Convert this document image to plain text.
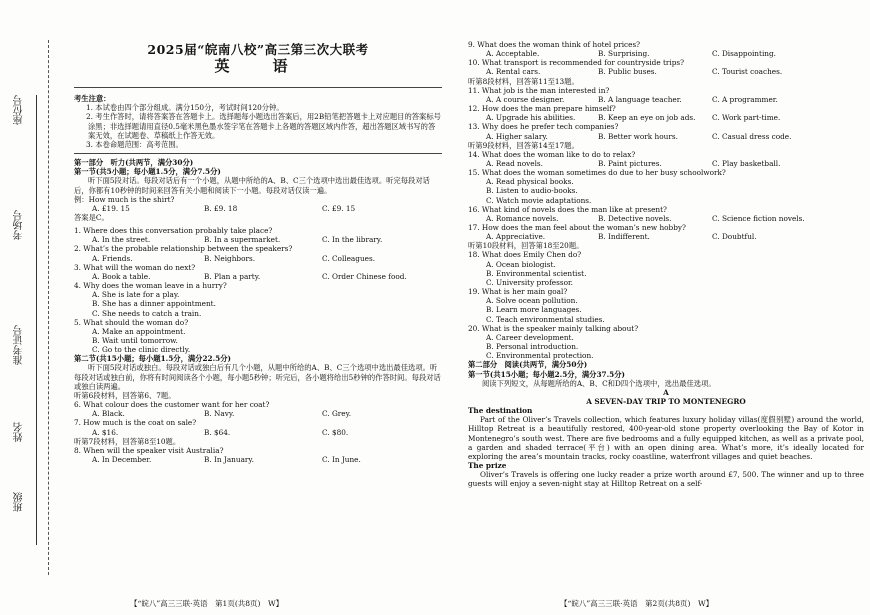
座位号
考场号
准考证号
姓名
班级
2025届“皖南八校”高三第三次大联考
英　语
考生注意：
1. 本试卷由四个部分组成。满分150分，考试时间120分钟。
2. 考生作答时，请将答案答在答题卡上。选择题每小题选出答案后，用2B铅笔把答题卡上对应题目的答案标号涂黑；非选择题请用直径0.5毫米黑色墨水签字笔在答题卡上各题的答题区域内作答，超出答题区域书写的答案无效，在试题卷、草稿纸上作答无效。
3. 本卷命题范围：高考范围。
第一部分　听力(共两节，满分30分)
第一节(共5小题；每小题1.5分，满分7.5分)
听下面5段对话。每段对话后有一个小题，从题中所给的A、B、C三个选项中选出最佳选项。听完每段对话后，你都有10秒钟的时间来回答有关小题和阅读下一小题。每段对话仅读一遍。
例：How much is the shirt?
A. £19. 15	B. £9. 18	C. £9. 15
答案是C。
1. Where does this conversation probably take place?
A. In the street.	B. In a supermarket.	C. In the library.
2. What’s the probable relationship between the speakers?
A. Friends.	B. Neighbors.	C. Colleagues.
3. What will the woman do next?
A. Book a table.	B. Plan a party.	C. Order Chinese food.
4. Why does the woman leave in a hurry?
A. She is late for a play.
B. She has a dinner appointment.
C. She needs to catch a train.
5. What should the woman do?
A. Make an appointment.
B. Wait until tomorrow.
C. Go to the clinic directly.
第二节(共15小题；每小题1.5分，满分22.5分)
听下面5段对话或独白。每段对话或独白后有几个小题，从题中所给的A、B、C三个选项中选出最佳选项。听每段对话或独白前，你将有时间阅读各个小题，每小题5秒钟；听完后，各小题将给出5秒钟的作答时间。每段对话或独白读两遍。
听第6段材料，回答第6、7题。
6. What colour does the customer want for her coat?
A. Black.	B. Navy.	C. Grey.
7. How much is the coat on sale?
A. $16.	B. $64.	C. $80.
听第7段材料，回答第8至10题。
8. When will the speaker visit Australia?
A. In December.	B. In January.	C. In June.
【“皖八”高三三联·英语　第1页(共8页)　W】
9. What does the woman think of hotel prices?
A. Acceptable.	B. Surprising.	C. Disappointing.
10. What transport is recommended for countryside trips?
A. Rental cars.	B. Public buses.	C. Tourist coaches.
听第8段材料，回答第11至13题。
11. What job is the man interested in?
A. A course designer.	B. A language teacher.	C. A programmer.
12. How does the man prepare himself?
A. Upgrade his abilities.	B. Keep an eye on job ads. C. Work part-time.
13. Why does he prefer tech companies?
A. Higher salary.	B. Better work hours.	C. Casual dress code.
听第9段材料，回答第14至17题。
14. What does the woman like to do to relax?
A. Read novels.	B. Paint pictures.	C. Play basketball.
15. What does the woman sometimes do due to her busy schoolwork?
A. Read physical books.
B. Listen to audio-books.
C. Watch movie adaptations.
16. What kind of novels does the man like at present?
A. Romance novels.	B. Detective novels.	C. Science fiction novels.
17. How does the man feel about the woman’s new hobby?
A. Appreciative.	B. Indifferent.	C. Doubtful.
听第10段材料，回答第18至20题。
18. What does Emily Chen do?
A. Ocean biologist.
B. Environmental scientist.
C. University professor.
19. What is her main goal?
A. Solve ocean pollution.
B. Learn more languages.
C. Teach environmental studies.
20. What is the speaker mainly talking about?
A. Career development.
B. Personal introduction.
C. Environmental protection.
第二部分　阅读(共两节，满分50分)
第一节(共15小题；每小题2.5分，满分37.5分)
阅读下列短文，从每题所给的A、B、C和D四个选项中，选出最佳选项。
A
A SEVEN-DAY TRIP TO MONTENEGRO
The destination
Part of the Oliver’s Travels collection, which features luxury holiday villas(度假别墅) around the world, Hilltop Retreat is a beautifully restored, 400-year-old stone property overlooking the Bay of Kotor in Montenegro’s south west. There are five bedrooms and a fully equipped kitchen, as well as a private pool, a garden and shaded terrace(平台) with an open dining area. What’s more, it’s ideally located for exploring the area’s mountain tracks, rocky coastline, waterfront villages and quiet beaches.
The prize
Oliver’s Travels is offering one lucky reader a prize worth around £7, 500. The winner and up to three guests will enjoy a seven-night stay at Hilltop Retreat on a self-
【“皖八”高三三联·英语　第2页(共8页)　W】
